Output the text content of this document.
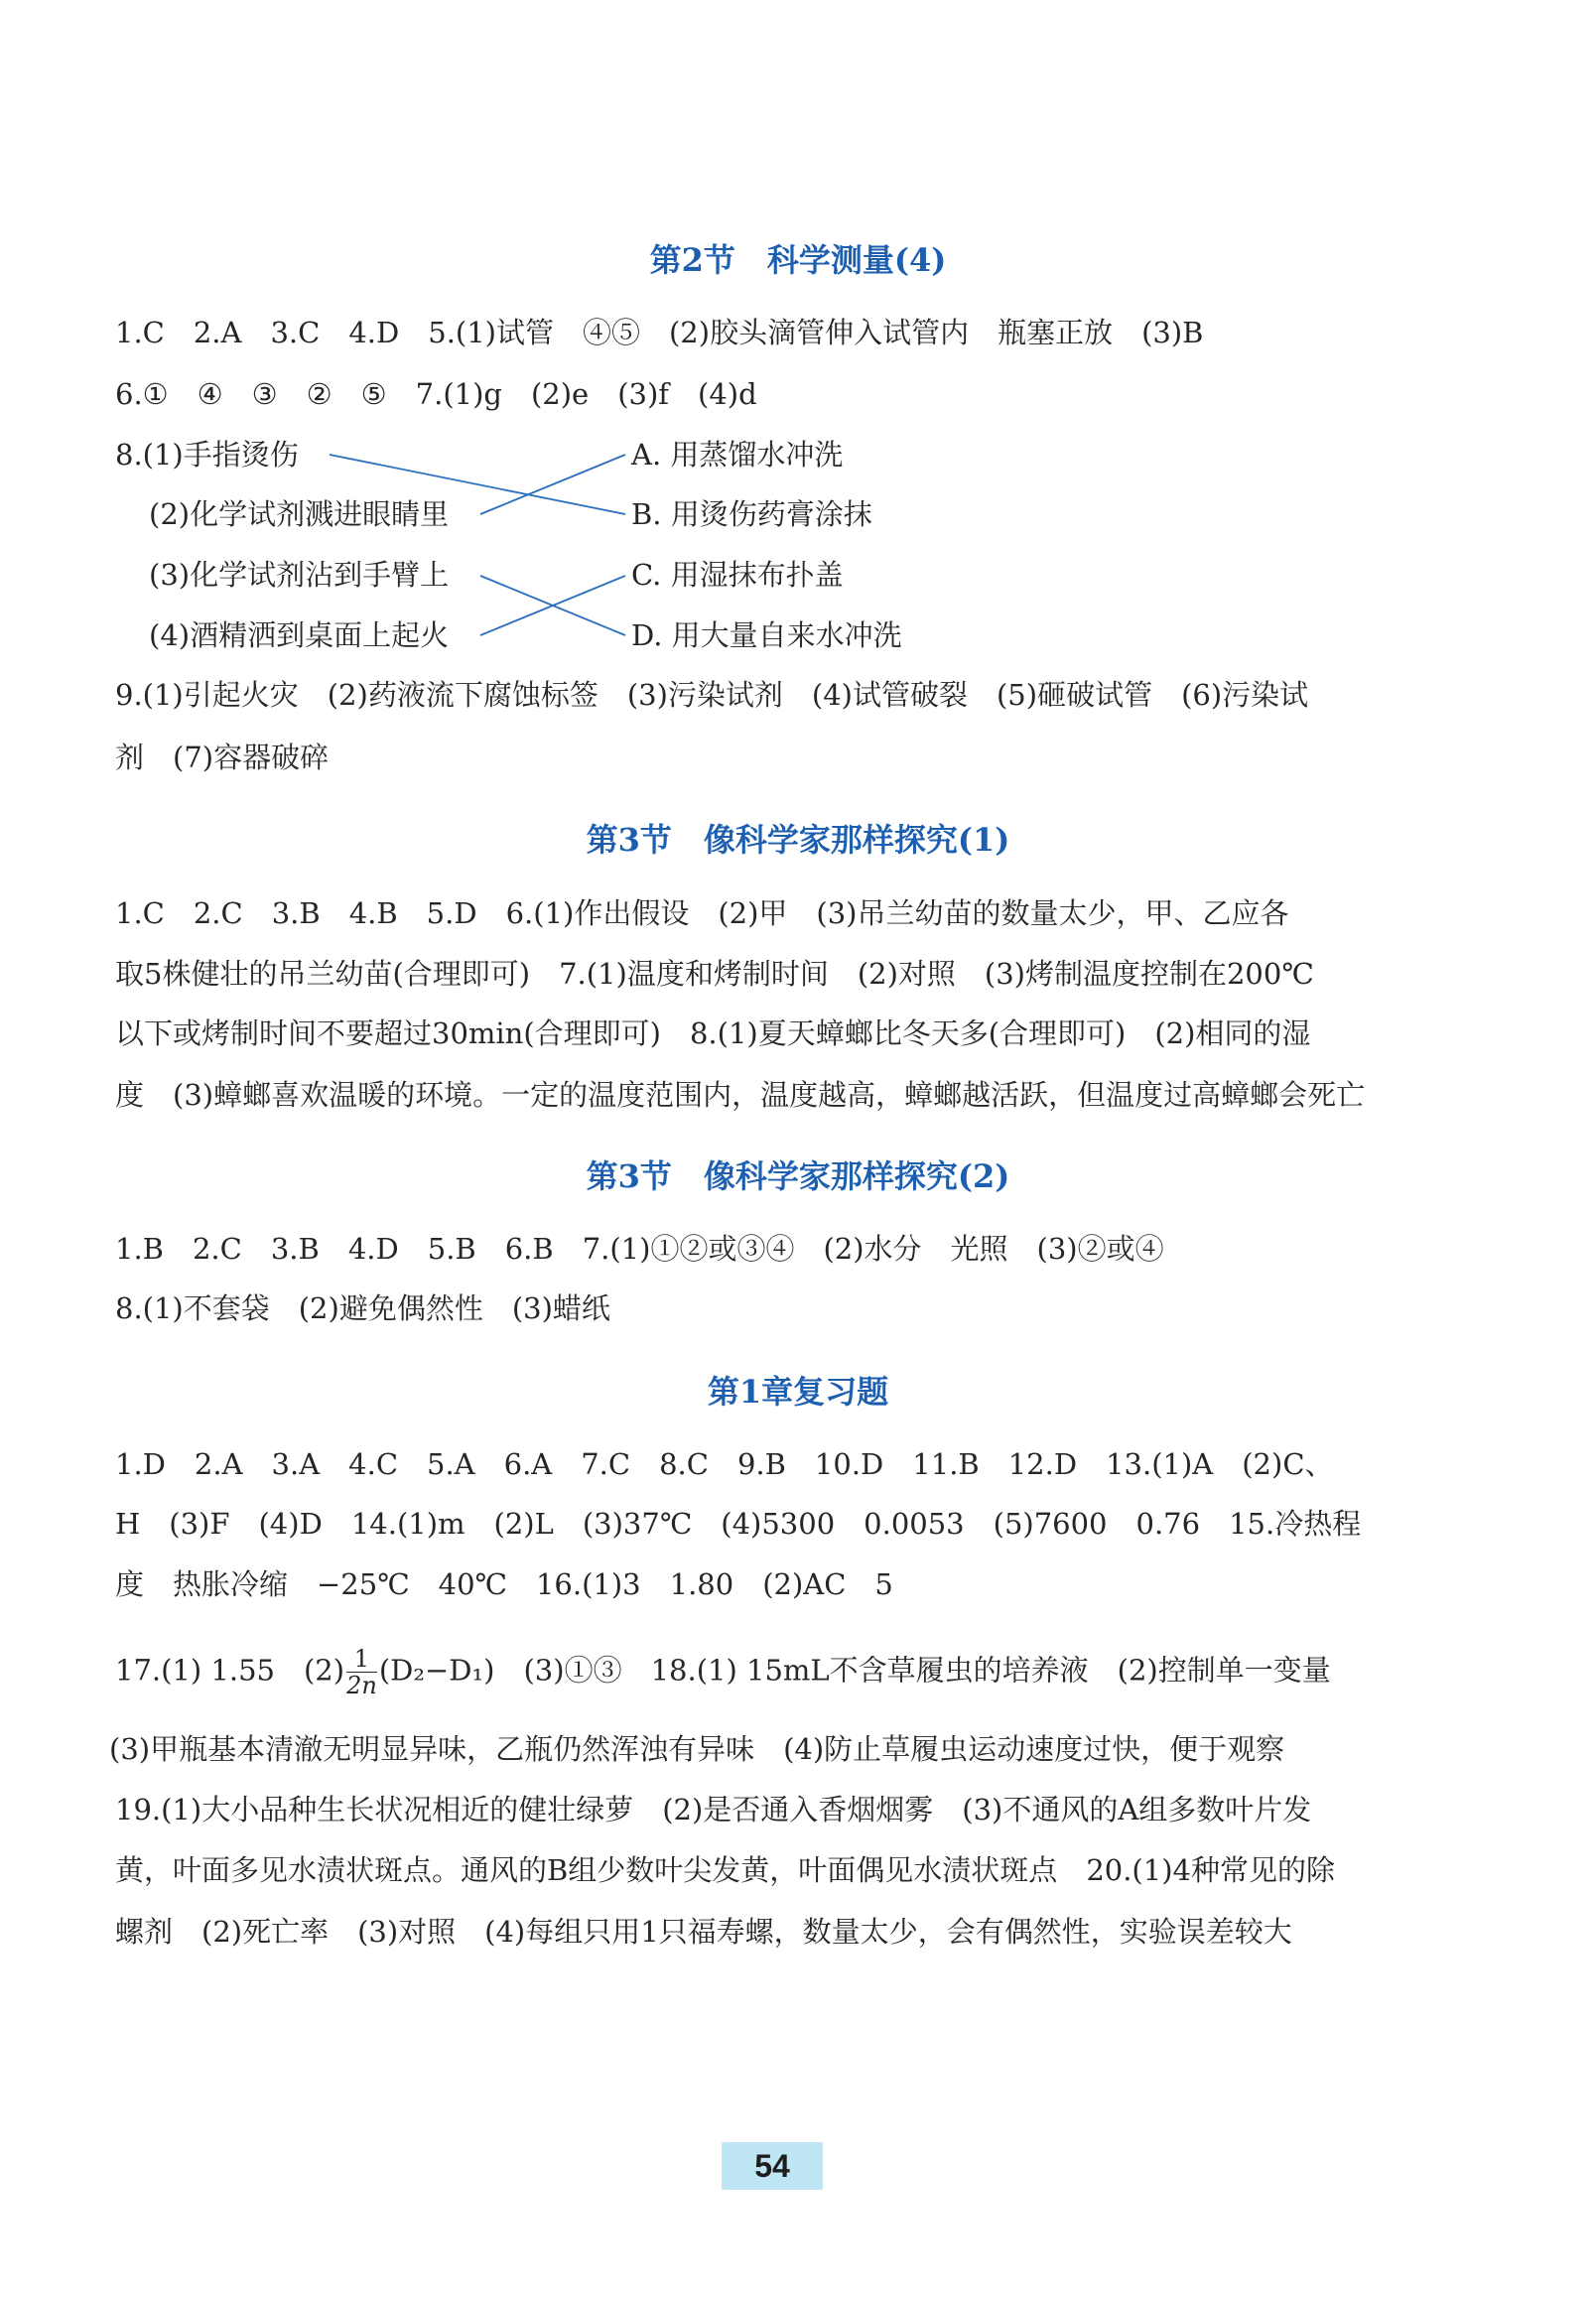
第2节　科学测量(4)
1.C　2.A　3.C　4.D　5.(1)试管　④⑤　(2)胶头滴管伸入试管内　瓶塞正放　(3)B
6.①　④　③　②　⑤　7.(1)g　(2)e　(3)f　(4)d
8.(1)手指烫伤
(2)化学试剂溅进眼睛里
(3)化学试剂沾到手臂上
(4)酒精洒到桌面上起火
A. 用蒸馏水冲洗
B. 用烫伤药膏涂抹
C. 用湿抹布扑盖
D. 用大量自来水冲洗
9.(1)引起火灾　(2)药液流下腐蚀标签　(3)污染试剂　(4)试管破裂　(5)砸破试管　(6)污染试
剂　(7)容器破碎
第3节　像科学家那样探究(1)
1.C　2.C　3.B　4.B　5.D　6.(1)作出假设　(2)甲　(3)吊兰幼苗的数量太少，甲、乙应各
取5株健壮的吊兰幼苗(合理即可)　7.(1)温度和烤制时间　(2)对照　(3)烤制温度控制在200℃
以下或烤制时间不要超过30min(合理即可)　8.(1)夏天蟑螂比冬天多(合理即可)　(2)相同的湿
度　(3)蟑螂喜欢温暖的环境。一定的温度范围内，温度越高，蟑螂越活跃，但温度过高蟑螂会死亡
第3节　像科学家那样探究(2)
1.B　2.C　3.B　4.D　5.B　6.B　7.(1)①②或③④　(2)水分　光照　(3)②或④
8.(1)不套袋　(2)避免偶然性　(3)蜡纸
第1章复习题
1.D　2.A　3.A　4.C　5.A　6.A　7.C　8.C　9.B　10.D　11.B　12.D　13.(1)A　(2)C、
H　(3)F　(4)D　14.(1)m　(2)L　(3)37℃　(4)5300　0.0053　(5)7600　0.76　15.冷热程
度　热胀冷缩　−25℃　40℃　16.(1)3　1.80　(2)AC　5
17.(1) 1.55　$(2) \frac{1}{2n} (D_2-D_1)$　(3)①③　18.(1) 15mL不含草履虫的培养液　(2)控制单一变量
(3)甲瓶基本清澈无明显异味，乙瓶仍然浑浊有异味　(4)防止草履虫运动速度过快，便于观察
19.(1)大小品种生长状况相近的健壮绿萝　(2)是否通入香烟烟雾　(3)不通风的A组多数叶片发
黄，叶面多见水渍状斑点。通风的B组少数叶尖发黄，叶面偶见水渍状斑点　20.(1)4种常见的除
螺剂　(2)死亡率　(3)对照　(4)每组只用1只福寿螺，数量太少，会有偶然性，实验误差较大
54
